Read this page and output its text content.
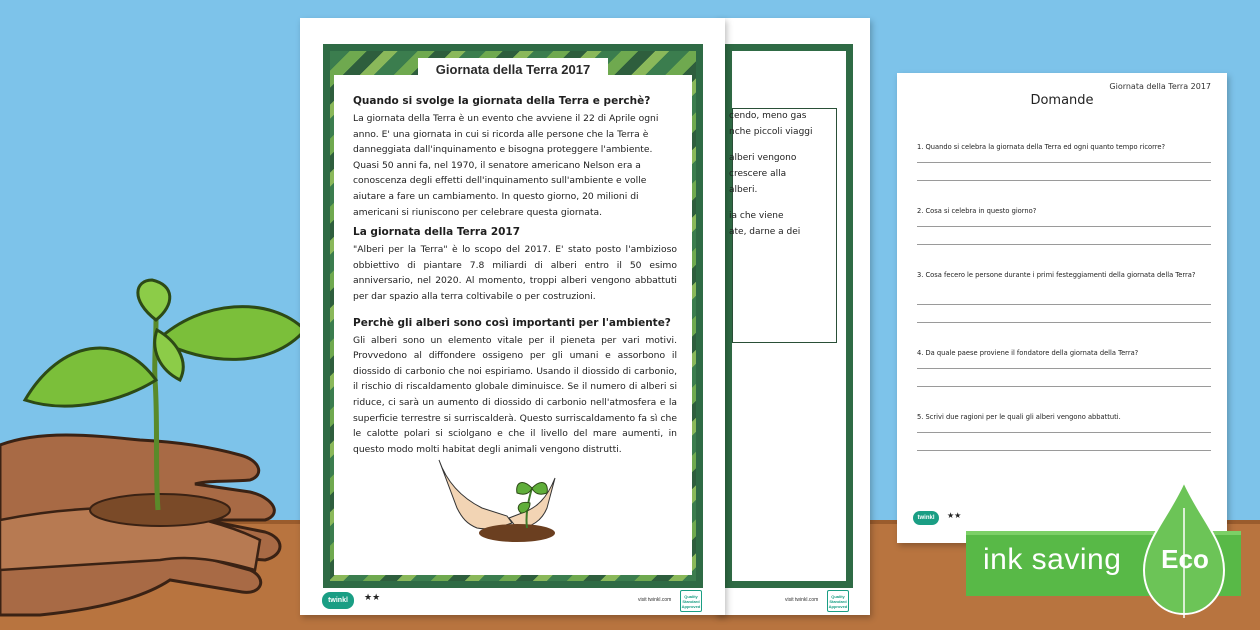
cendo, meno gas
nche piccoli viaggi
alberi vengono
crescere alla
alberi.
ia che viene
ate, darne a dei
visit twinkl.com
Quality Standard Approved
Giornata della Terra 2017
Quando si svolge la giornata della Terra e perchè?
La giornata della Terra è un evento che avviene il 22 di Aprile ogni anno. E' una giornata in cui si ricorda alle persone che la Terra è danneggiata dall'inquinamento e bisogna proteggere l'ambiente. Quasi 50 anni fa, nel 1970, il senatore americano Nelson era a conoscenza degli effetti dell'inquinamento sull'ambiente e volle aiutare a fare un cambiamento. In questo giorno, 20 milioni di americani si riuniscono per celebrare questa giornata.
La giornata della Terra 2017
"Alberi per la Terra" è lo scopo del 2017. E' stato posto l'ambizioso obbiettivo di piantare 7.8 miliardi di alberi entro il 50 esimo anniversario, nel 2020. Al momento, troppi alberi vengono abbattuti per dar spazio alla terra coltivabile o per costruzioni.
Perchè gli alberi sono così importanti per l'ambiente?
Gli alberi sono un elemento vitale per il pieneta per vari motivi. Provvedono al diffondere ossigeno per gli umani e assorbono il diossido di carbonio che noi espiriamo. Usando il diossido di carbonio, il rischio di riscaldamento globale diminuisce. Se il numero di alberi si riduce, ci sarà un aumento di diossido di carbonio nell'atmosfera e la superficie terrestre si surriscalderà. Questo surriscaldamento fa sì che le calotte polari si sciolgano e che il livello del mare aumenti, in questo modo molti habitat degli animali vengono distrutti.
twinkl	★★	visit twinkl.com
Quality Standard Approved
Giornata della Terra 2017
Domande
1. Quando si celebra la giornata della Terra ed ogni quanto tempo ricorre?
2. Cosa si celebra in questo giorno?
3. Cosa fecero le persone durante i primi festeggiamenti della giornata della Terra?
4. Da quale paese proviene il fondatore della giornata della Terra?
5. Scrivi due ragioni per le quali gli alberi vengono abbattuti.
twinkl	★★
ink saving Eco
